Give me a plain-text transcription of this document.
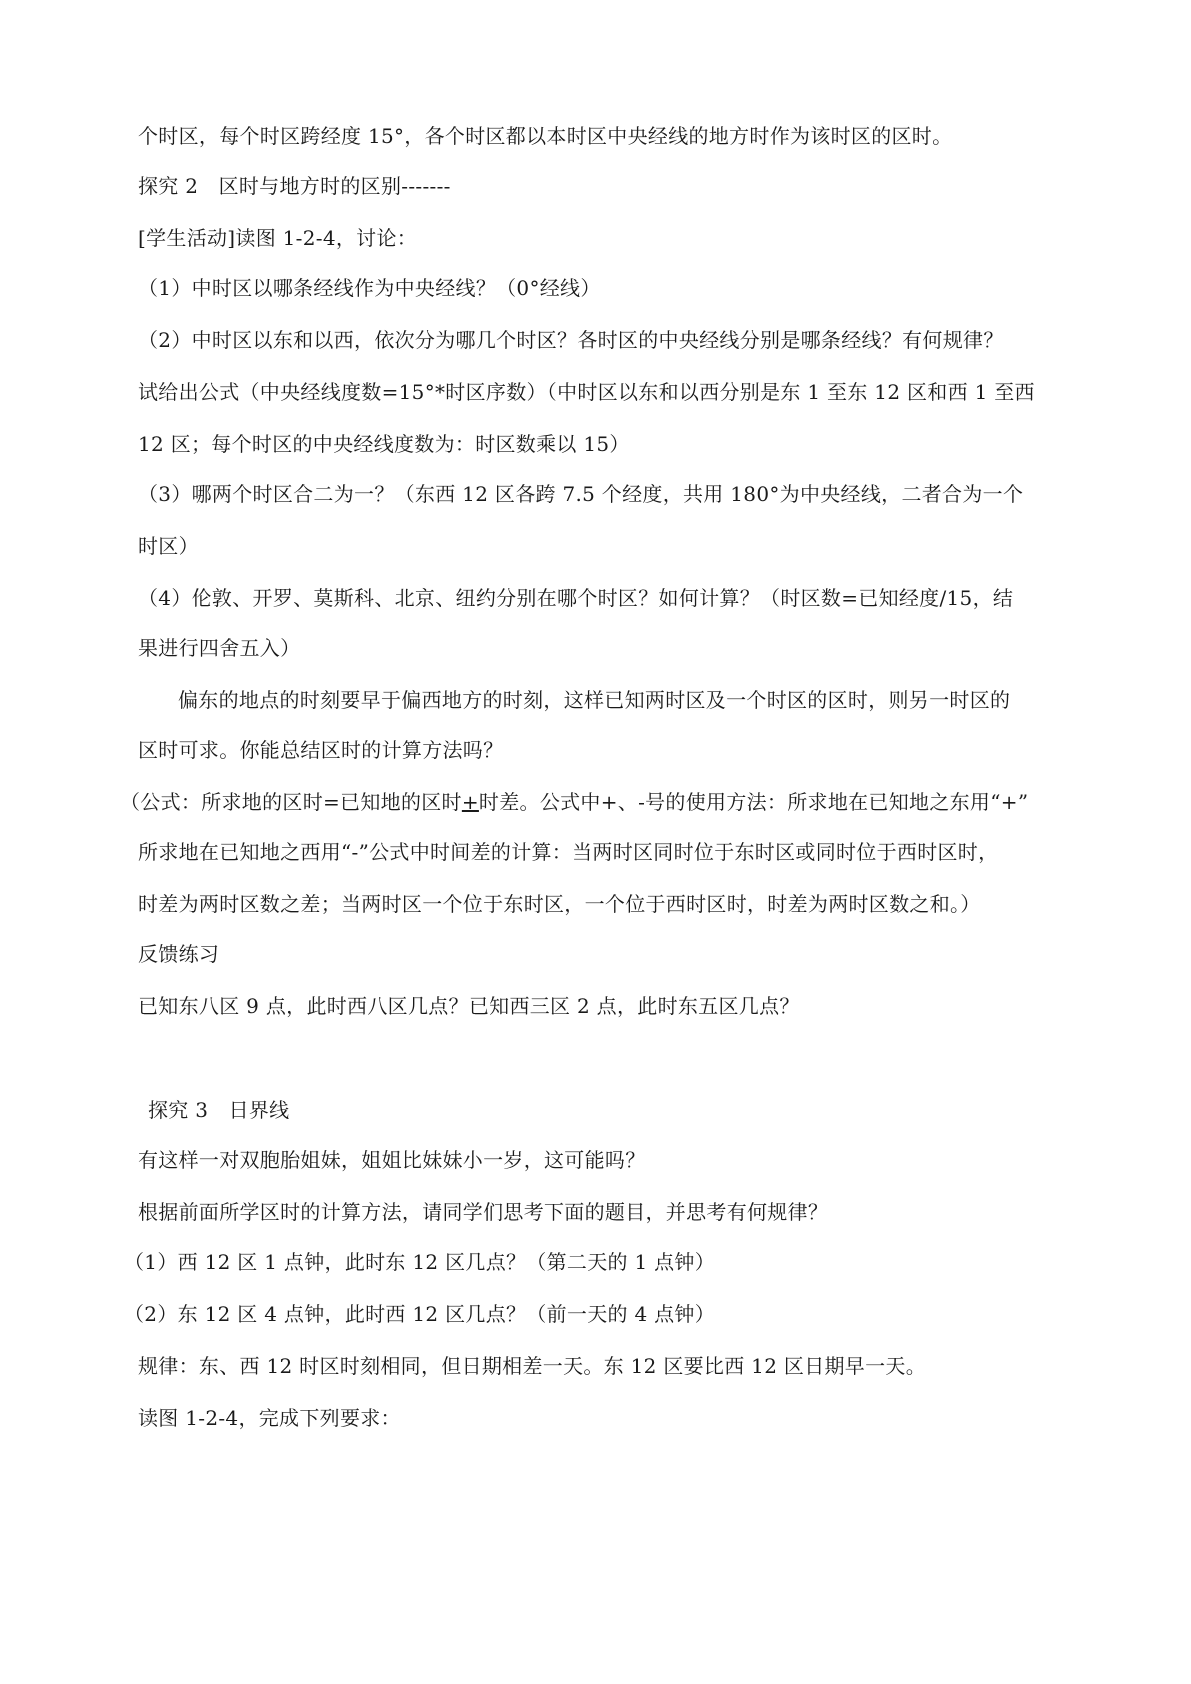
个时区，每个时区跨经度 15°，各个时区都以本时区中央经线的地方时作为该时区的区时。
探究 2　区时与地方时的区别-------
[学生活动]读图 1-2-4，讨论：
（1）中时区以哪条经线作为中央经线？（0°经线）
（2）中时区以东和以西，依次分为哪几个时区？各时区的中央经线分别是哪条经线？有何规律？
试给出公式（中央经线度数=15°*时区序数）（中时区以东和以西分别是东 1 至东 12 区和西 1 至西
12 区；每个时区的中央经线度数为：时区数乘以 15）
（3）哪两个时区合二为一？（东西 12 区各跨 7.5 个经度，共用 180°为中央经线，二者合为一个
时区）
（4）伦敦、开罗、莫斯科、北京、纽约分别在哪个时区？如何计算？（时区数=已知经度/15，结
果进行四舍五入）
偏东的地点的时刻要早于偏西地方的时刻，这样已知两时区及一个时区的区时，则另一时区的
区时可求。你能总结区时的计算方法吗？
（公式：所求地的区时=已知地的区时+时差。公式中+、-号的使用方法：所求地在已知地之东用“+”
所求地在已知地之西用“-”公式中时间差的计算：当两时区同时位于东时区或同时位于西时区时，
时差为两时区数之差；当两时区一个位于东时区，一个位于西时区时，时差为两时区数之和。）
反馈练习
已知东八区 9 点，此时西八区几点？已知西三区 2 点，此时东五区几点？
探究 3　日界线
有这样一对双胞胎姐妹，姐姐比妹妹小一岁，这可能吗？
根据前面所学区时的计算方法，请同学们思考下面的题目，并思考有何规律？
（1）西 12 区 1 点钟，此时东 12 区几点？（第二天的 1 点钟）
（2）东 12 区 4 点钟，此时西 12 区几点？（前一天的 4 点钟）
规律：东、西 12 时区时刻相同，但日期相差一天。东 12 区要比西 12 区日期早一天。
读图 1-2-4，完成下列要求：
